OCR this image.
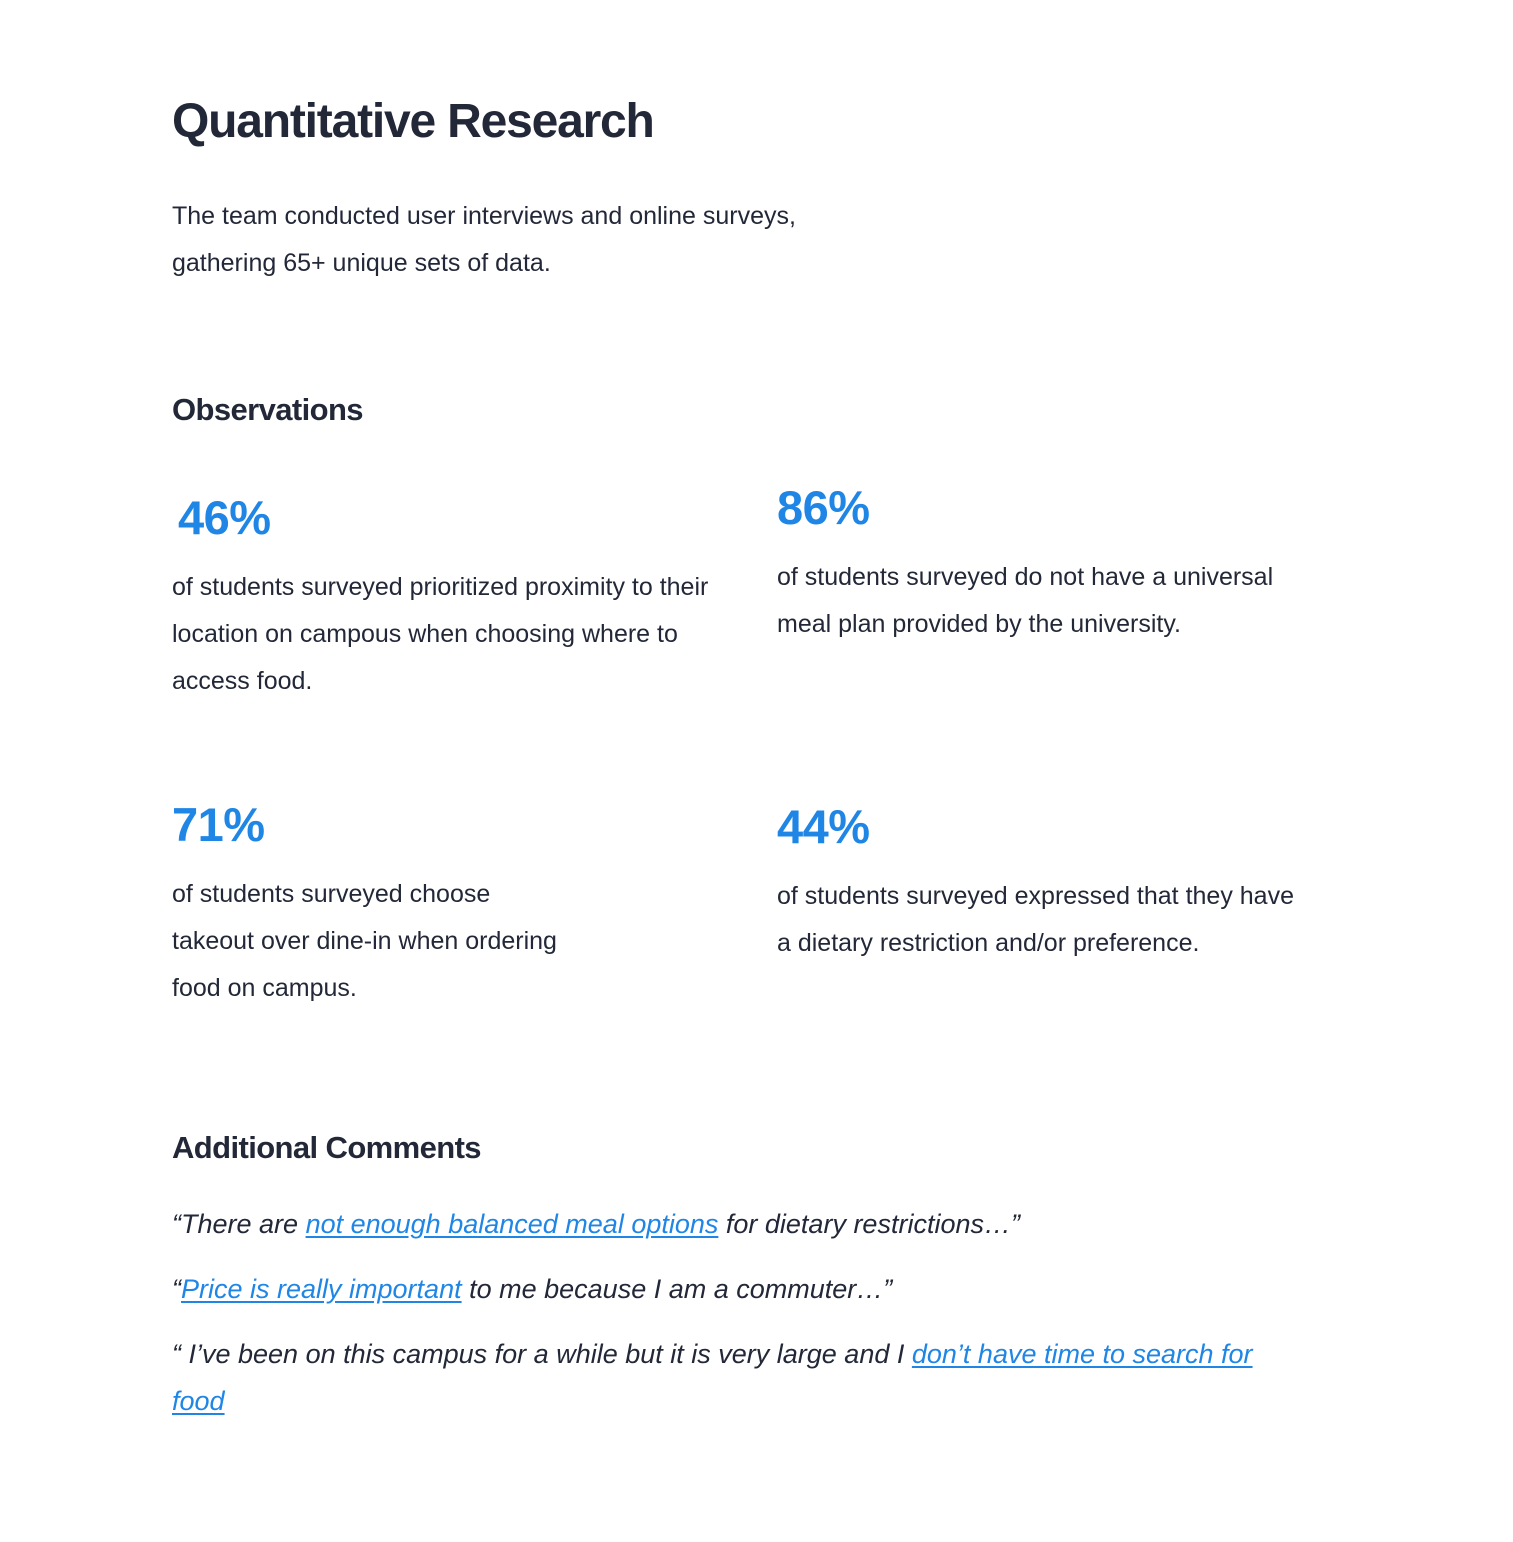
Quantitative Research

The team conducted user interviews and online surveys, gathering 65+ unique sets of data.

Observations
46%

of students surveyed prioritized proximity to their location on campous when choosing where to access food.

86%

of students surveyed do not have a universal meal plan provided by the university.

71%

of students surveyed choose takeout over dine-in when ordering food on campus.

44%

of students surveyed expressed that they have a dietary restriction and/or preference.

Additional Comments

“There are not enough balanced meal options for dietary restrictions…”

“Price is really important to me because I am a commuter…”

“ I’ve been on this campus for a while but it is very large and I don’t have time to search for food
